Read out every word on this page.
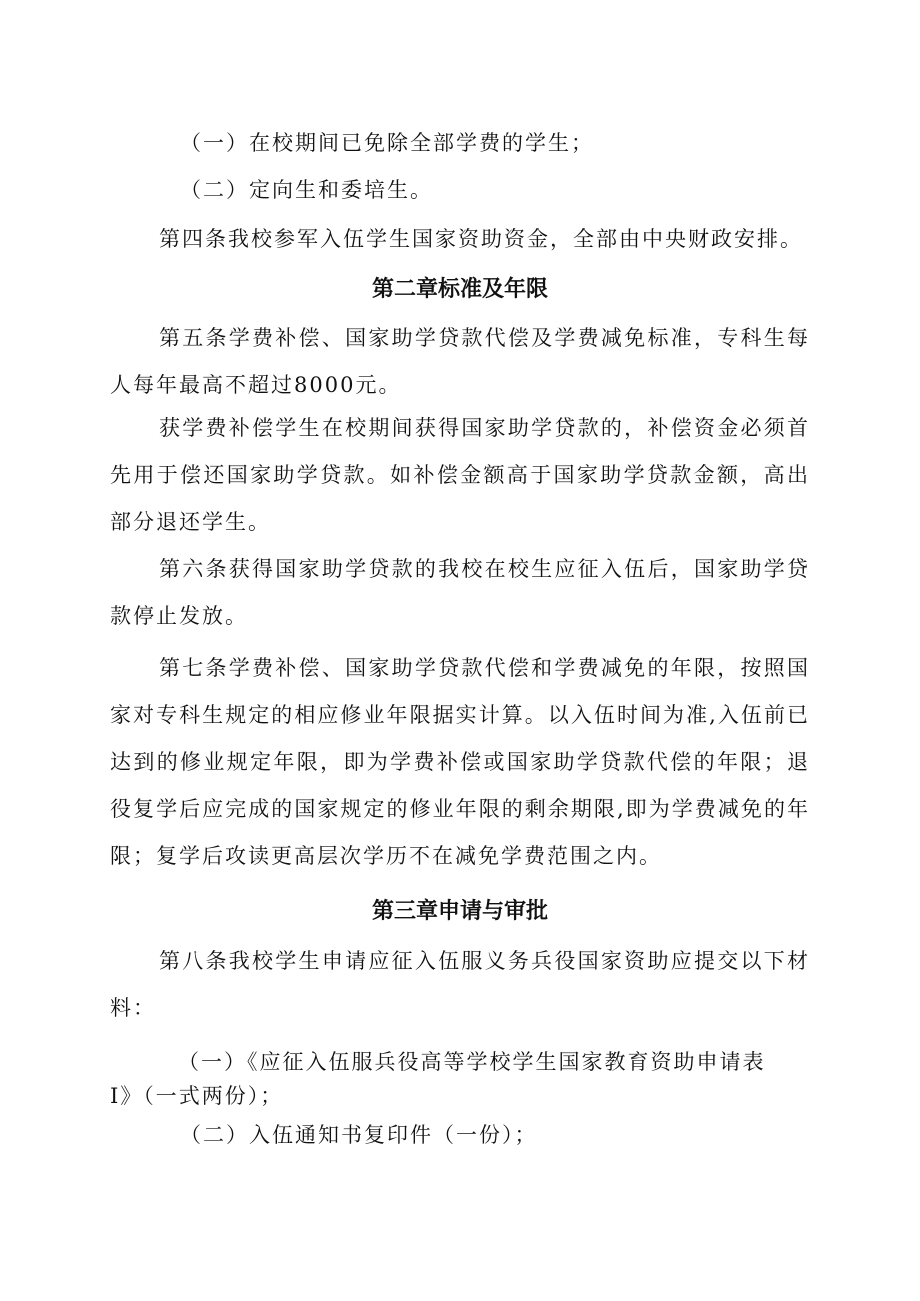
（一）在校期间已免除全部学费的学生；

（二）定向生和委培生。

第四条我校参军入伍学生国家资助资金，全部由中央财政安排。

第二章标准及年限

第五条学费补偿、国家助学贷款代偿及学费减免标准，专科生每人每年最高不超过8000元。

获学费补偿学生在校期间获得国家助学贷款的，补偿资金必须首先用于偿还国家助学贷款。如补偿金额高于国家助学贷款金额，高出部分退还学生。

第六条获得国家助学贷款的我校在校生应征入伍后，国家助学贷款停止发放。

第七条学费补偿、国家助学贷款代偿和学费减免的年限，按照国家对专科生规定的相应修业年限据实计算。以入伍时间为准,入伍前已达到的修业规定年限，即为学费补偿或国家助学贷款代偿的年限；退役复学后应完成的国家规定的修业年限的剩余期限,即为学费减免的年限；复学后攻读更高层次学历不在减免学费范围之内。

第三章申请与审批

第八条我校学生申请应征入伍服义务兵役国家资助应提交以下材料：

（一）《应征入伍服兵役高等学校学生国家教育资助申请表
I》（一式两份）；

（二）入伍通知书复印件（一份）；
